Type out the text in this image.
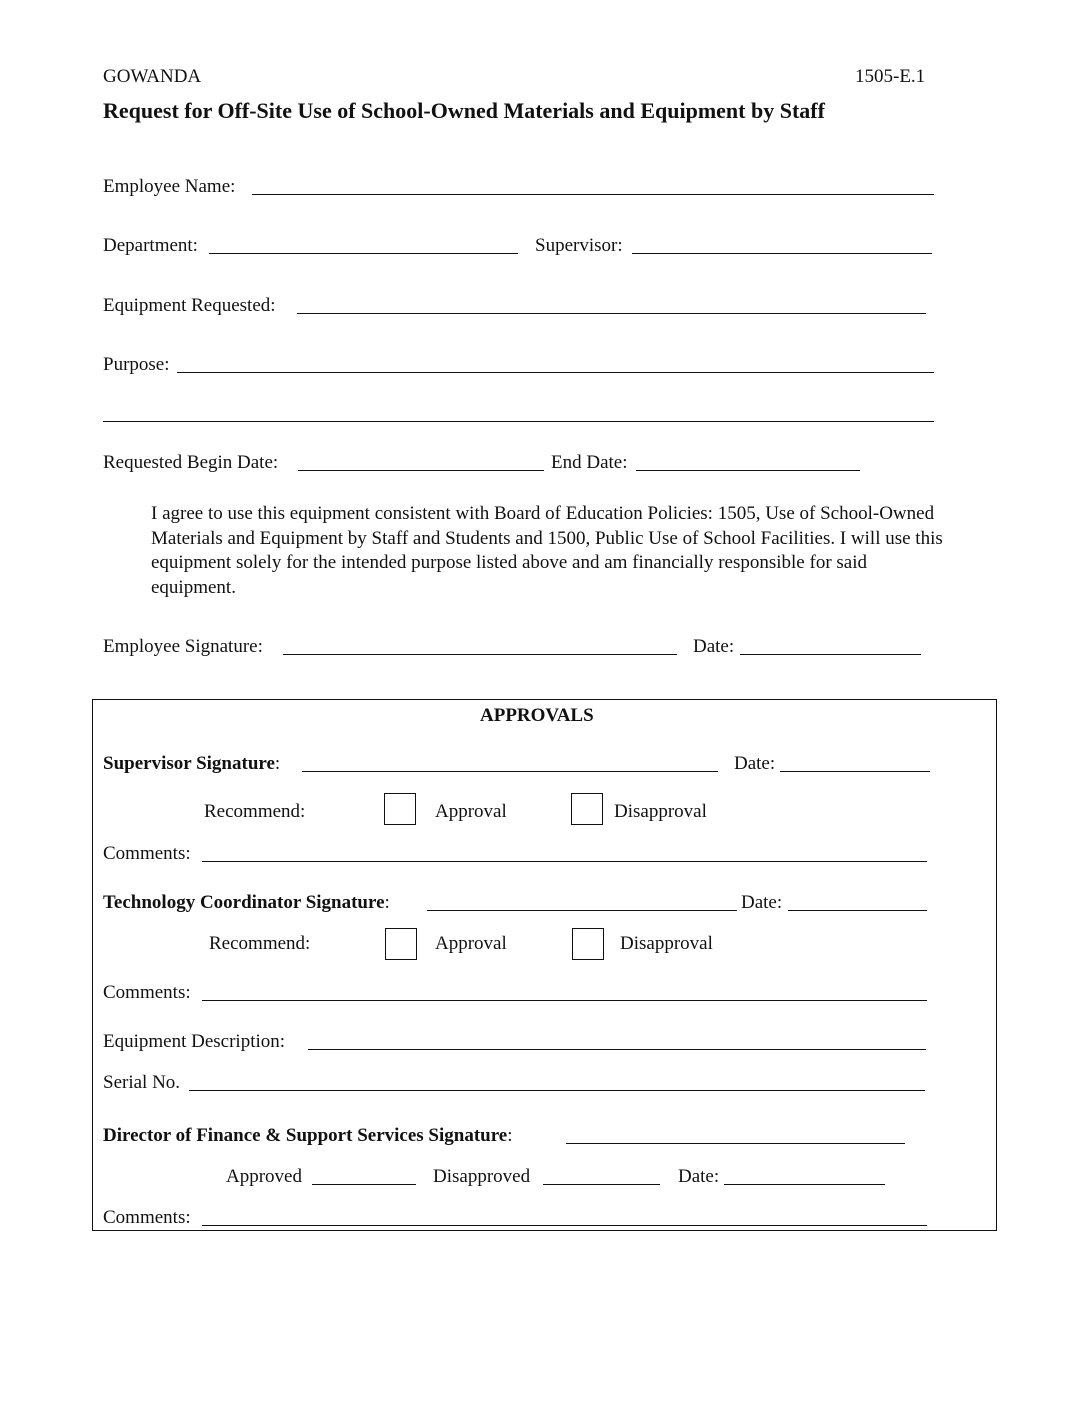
GOWANDA	1505-E.1
Request for Off-Site Use of School-Owned Materials and Equipment by Staff
Employee Name:
Department:	Supervisor:
Equipment Requested:
Purpose:
Requested Begin Date:	End Date:
I agree to use this equipment consistent with Board of Education Policies: 1505, Use of School-Owned Materials and Equipment by Staff and Students and 1500, Public Use of School Facilities. I will use this equipment solely for the intended purpose listed above and am financially responsible for said equipment.
Employee Signature:	Date:
APPROVALS
Supervisor Signature:	Date:
Recommend:	Approval	Disapproval
Comments:
Technology Coordinator Signature:	Date:
Recommend:	Approval	Disapproval
Comments:
Equipment Description:
Serial No.
Director of Finance & Support Services Signature:
Approved	Disapproved	Date:
Comments:
